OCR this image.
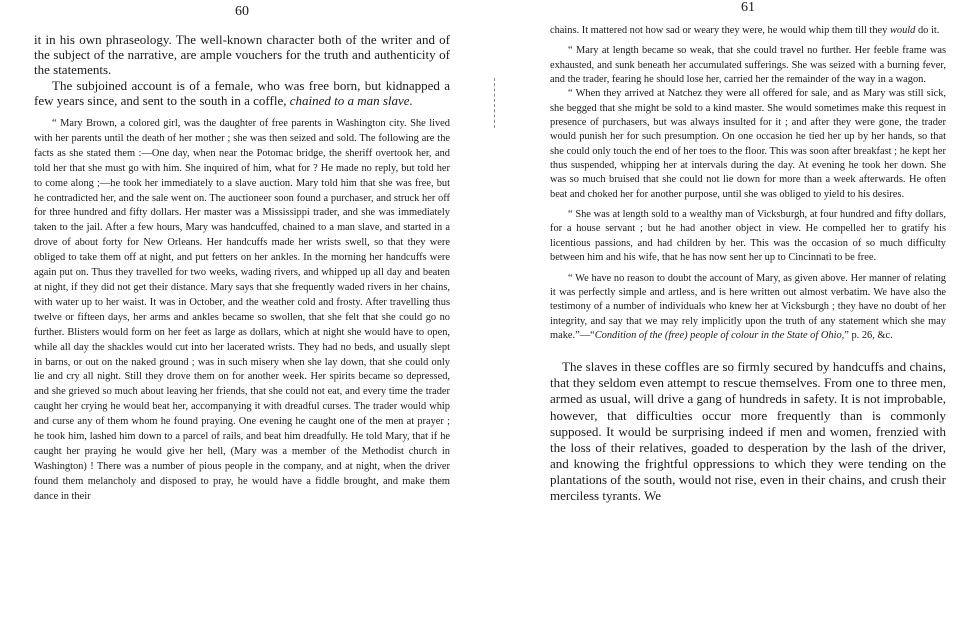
60

it in his own phraseology. The well-known character both of the writer and of the subject of the narrative, are ample vouchers for the truth and authenticity of the statements.

The subjoined account is of a female, who was free born, but kidnapped a few years since, and sent to the south in a coffle, chained to a man slave.

“ Mary Brown, a colored girl, was the daughter of free parents in Washington city. She lived with her parents until the death of her mother ; she was then seized and sold. The following are the facts as she stated them :—One day, when near the Potomac bridge, the sheriff overtook her, and told her that she must go with him. She inquired of him, what for ? He made no reply, but told her to come along ;—he took her immediately to a slave auction. Mary told him that she was free, but he contradicted her, and the sale went on. The auctioneer soon found a purchaser, and struck her off for three hundred and fifty dollars. Her master was a Mississippi trader, and she was immediately taken to the jail. After a few hours, Mary was handcuffed, chained to a man slave, and started in a drove of about forty for New Orleans. Her handcuffs made her wrists swell, so that they were obliged to take them off at night, and put fetters on her ankles. In the morning her handcuffs were again put on. Thus they travelled for two weeks, wading rivers, and whipped up all day and beaten at night, if they did not get their distance. Mary says that she frequently waded rivers in her chains, with water up to her waist. It was in October, and the weather cold and frosty. After travelling thus twelve or fifteen days, her arms and ankles became so swollen, that she felt that she could go no further. Blisters would form on her feet as large as dollars, which at night she would have to open, while all day the shackles would cut into her lacerated wrists. They had no beds, and usually slept in barns, or out on the naked ground ; was in such misery when she lay down, that she could only lie and cry all night. Still they drove them on for another week. Her spirits became so depressed, and she grieved so much about leaving her friends, that she could not eat, and every time the trader caught her crying he would beat her, accompanying it with dreadful curses. The trader would whip and curse any of them whom he found praying. One evening he caught one of the men at prayer ; he took him, lashed him down to a parcel of rails, and beat him dreadfully. He told Mary, that if he caught her praying he would give her hell, (Mary was a member of the Methodist church in Washington) ! There was a number of pious people in the company, and at night, when the driver found them melancholy and disposed to pray, he would have a fiddle brought, and make them dance in their

61

chains. It mattered not how sad or weary they were, he would whip them till they would do it.

“ Mary at length became so weak, that she could travel no further. Her feeble frame was exhausted, and sunk beneath her accumulated sufferings. She was seized with a burning fever, and the trader, fearing he should lose her, carried her the remainder of the way in a wagon.

“ When they arrived at Natchez they were all offered for sale, and as Mary was still sick, she begged that she might be sold to a kind master. She would sometimes make this request in presence of purchasers, but was always insulted for it ; and after they were gone, the trader would punish her for such presumption. On one occasion he tied her up by her hands, so that she could only touch the end of her toes to the floor. This was soon after breakfast ; he kept her thus suspended, whipping her at intervals during the day. At evening he took her down. She was so much bruised that she could not lie down for more than a week afterwards. He often beat and choked her for another purpose, until she was obliged to yield to his desires.

“ She was at length sold to a wealthy man of Vicksburgh, at four hundred and fifty dollars, for a house servant ; but he had another object in view. He compelled her to gratify his licentious passions, and had children by her. This was the occasion of so much difficulty between him and his wife, that he has now sent her up to Cincinnati to be free.

“ We have no reason to doubt the account of Mary, as given above. Her manner of relating it was perfectly simple and artless, and is here written out almost verbatim. We have also the testimony of a number of individuals who knew her at Vicksburgh ; they have no doubt of her integrity, and say that we may rely implicitly upon the truth of any statement which she may make.”—“Condition of the (free) people of colour in the State of Ohio,” p. 26, &c.

The slaves in these coffles are so firmly secured by handcuffs and chains, that they seldom even attempt to rescue themselves. From one to three men, armed as usual, will drive a gang of hundreds in safety. It is not improbable, however, that difficulties occur more frequently than is commonly supposed. It would be surprising indeed if men and women, frenzied with the loss of their relatives, goaded to desperation by the lash of the driver, and knowing the frightful oppressions to which they were tending on the plantations of the south, would not rise, even in their chains, and crush their merciless tyrants. We
